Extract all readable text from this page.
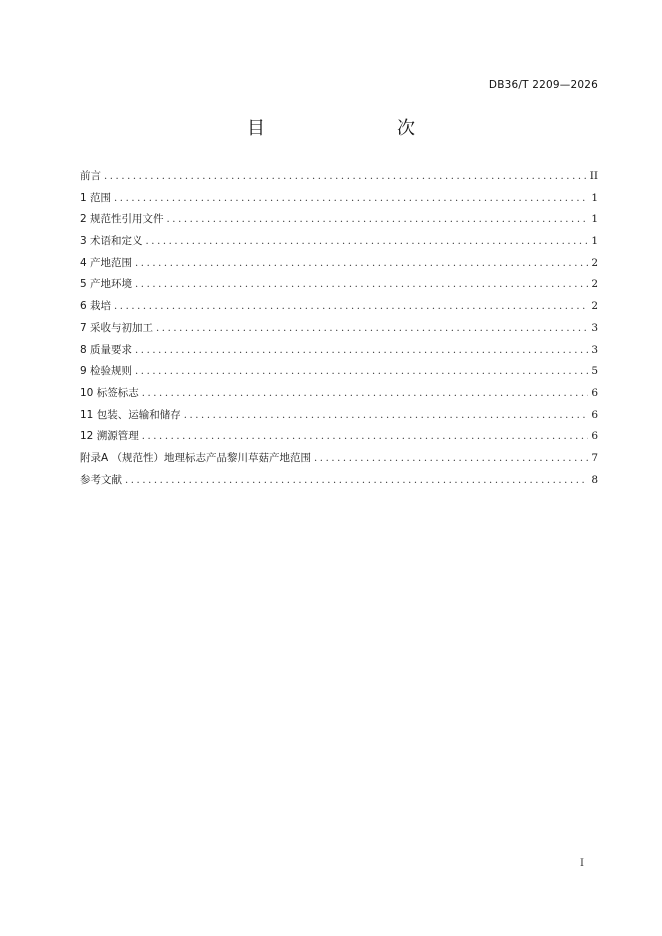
DB36/T 2209—2026
目　　次
前言 .....	II
1 范围 .....	1
2 规范性引用文件 .....	1
3 术语和定义 .....	1
4 产地范围 .....	2
5 产地环境 .....	2
6 栽培 .....	2
7 采收与初加工 .....	3
8 质量要求 .....	3
9 检验规则 .....	5
10 标签标志 .....	6
11 包装、运输和储存 .....	6
12 溯源管理 .....	6
附录A （规范性）地理标志产品黎川草菇产地范围 .....	7
参考文献 .....	8
I
